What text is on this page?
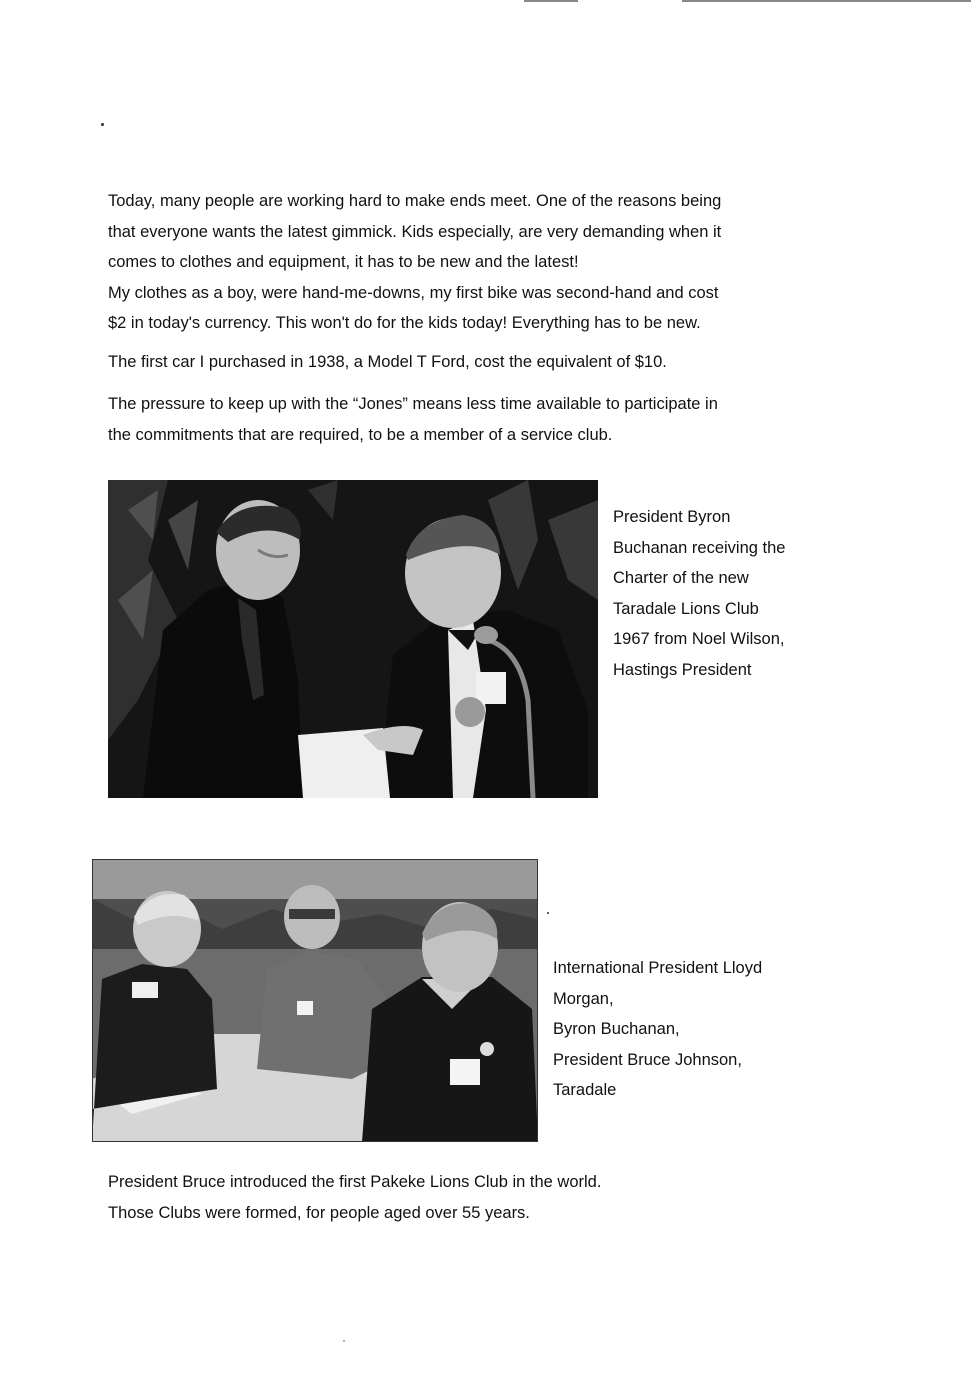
Today, many people are working hard to make ends meet. One of the reasons being
that everyone wants the latest gimmick. Kids especially, are very demanding when it
comes to clothes and equipment, it has to be new and the latest!
My clothes as a boy, were hand-me-downs, my first bike was second-hand and cost
$2 in today's currency. This won't do for the kids today! Everything has to be new.

The first car I purchased in 1938, a Model T Ford, cost the equivalent of $10.

The pressure to keep up with the “Jones” means less time available to participate in
the commitments that are required, to be a member of a service club.

President Byron
Buchanan receiving the
Charter of the new
Taradale Lions Club
1967 from Noel Wilson,
Hastings President
International President Lloyd
Morgan,
Byron Buchanan,
President Bruce Johnson,
Taradale

President Bruce introduced the first Pakeke Lions Club in the world.
Those Clubs were formed, for people aged over 55 years.
